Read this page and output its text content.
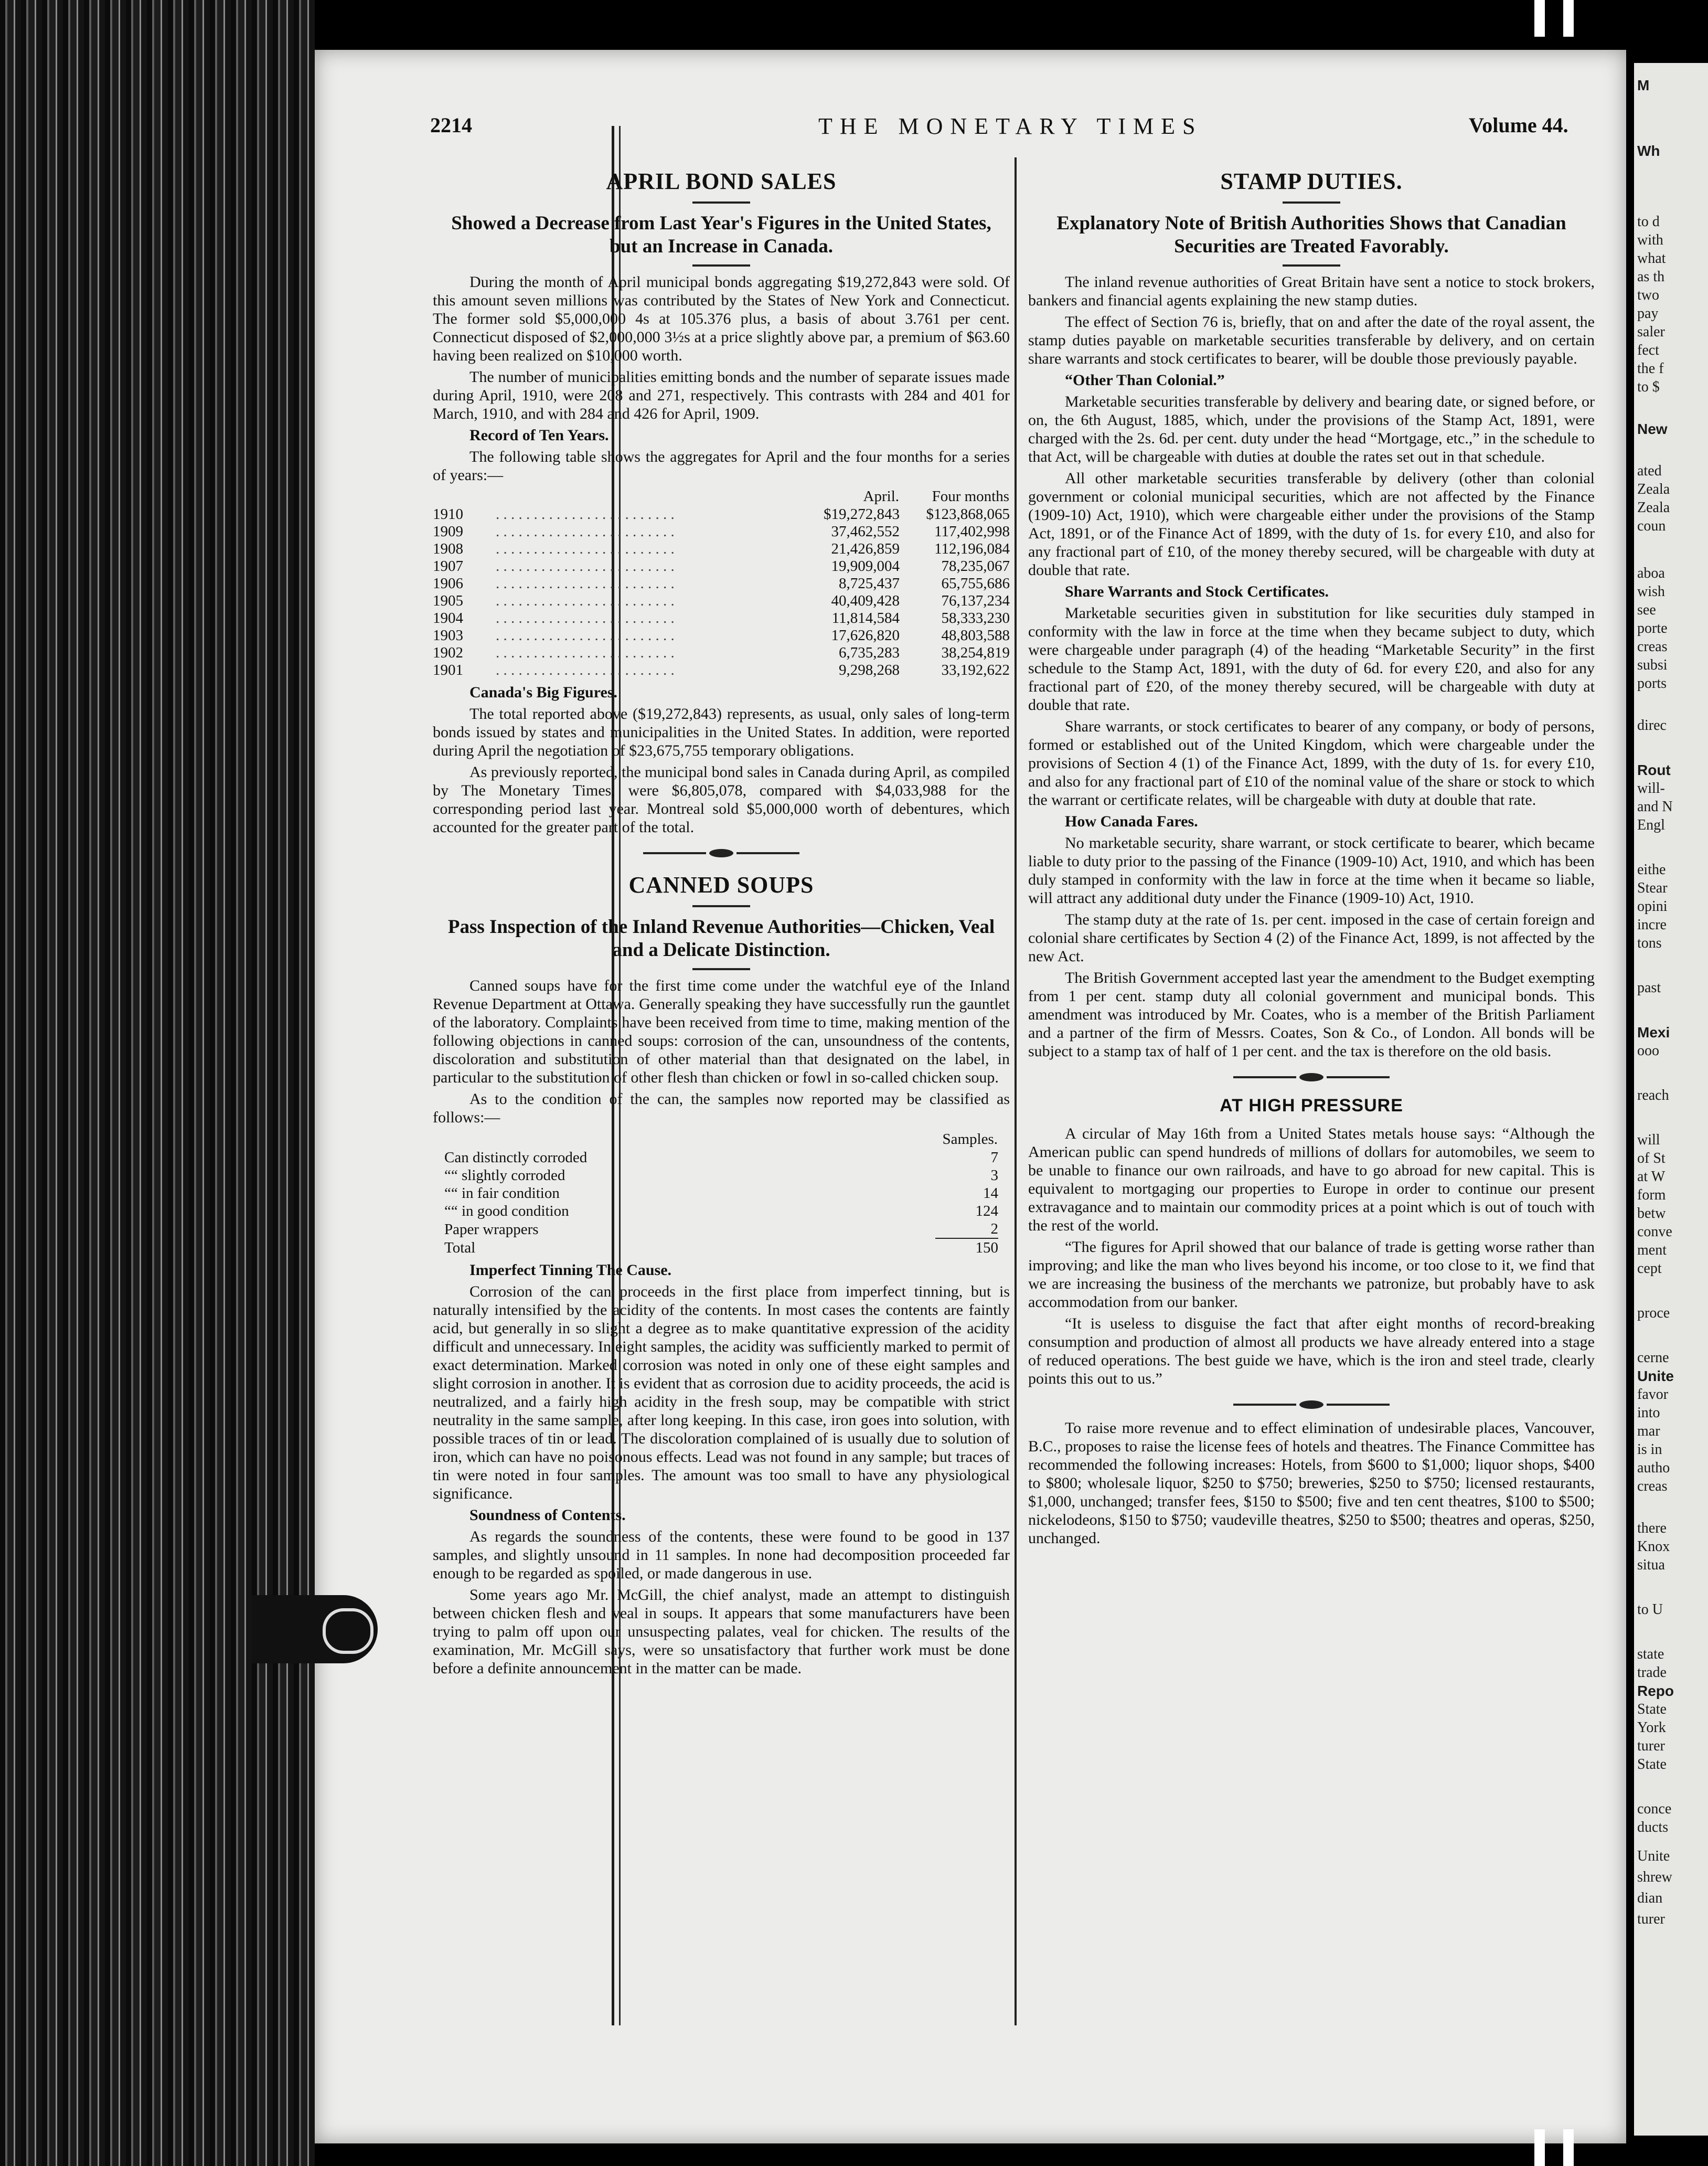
M
Wh
to d
with
what
as th
two
pay
saler
fect
the f
to $
New
ated
Zeala
Zeala
coun
aboa
wish
see
porte
creas
subsi
ports
direc
Rout
will-
and N
Engl
eithe
Stear
opini
incre
tons
past
Mexi
ooo
reach
will
of St
at W
form
betw
conve
ment
cept
proce
cerne
Unite
favor
into
mar
is in
autho
creas
there
Knox
situa
to U
state
trade
Repo
State
York
turer
State
conce
ducts
Unite
shrew
dian
turer
2214	THE MONETARY TIMES	Volume 44.
APRIL BOND SALES
Showed a Decrease from Last Year's Figures in the United States, but an Increase in Canada.

During the month of April municipal bonds aggregating $19,272,843 were sold. Of this amount seven millions was contributed by the States of New York and Connecticut. The former sold $5,000,000 4s at 105.376 plus, a basis of about 3.761 per cent. Connecticut disposed of $2,000,000 3½s at a price slightly above par, a premium of $63.60 having been realized on $10,000 worth.

The number of municipalities emitting bonds and the number of separate issues made during April, 1910, were 208 and 271, respectively. This contrasts with 284 and 401 for March, 1910, and with 284 and 426 for April, 1909.

Record of Ten Years.

The following table shows the aggregates for April and the four months for a series of years:—

		April.	Four months
1910	. . . . . . . . . . . . . . . . . . . . . . . .	$19,272,843	$123,868,065
1909	. . . . . . . . . . . . . . . . . . . . . . . .	37,462,552	117,402,998
1908	. . . . . . . . . . . . . . . . . . . . . . . .	21,426,859	112,196,084
1907	. . . . . . . . . . . . . . . . . . . . . . . .	19,909,004	78,235,067
1906	. . . . . . . . . . . . . . . . . . . . . . . .	8,725,437	65,755,686
1905	. . . . . . . . . . . . . . . . . . . . . . . .	40,409,428	76,137,234
1904	. . . . . . . . . . . . . . . . . . . . . . . .	11,814,584	58,333,230
1903	. . . . . . . . . . . . . . . . . . . . . . . .	17,626,820	48,803,588
1902	. . . . . . . . . . . . . . . . . . . . . . . .	6,735,283	38,254,819
1901	. . . . . . . . . . . . . . . . . . . . . . . .	9,298,268	33,192,622

Canada's Big Figures.

The total reported above ($19,272,843) represents, as usual, only sales of long-term bonds issued by states and municipalities in the United States. In addition, were reported during April the negotiation of $23,675,755 temporary obligations.

As previously reported, the municipal bond sales in Canada during April, as compiled by The Monetary Times, were $6,805,078, compared with $4,033,988 for the corresponding period last year. Montreal sold $5,000,000 worth of debentures, which accounted for the greater part of the total.

CANNED SOUPS
Pass Inspection of the Inland Revenue Authorities—Chicken, Veal and a Delicate Distinction.

Canned soups have for the first time come under the watchful eye of the Inland Revenue Department at Ottawa. Generally speaking they have successfully run the gauntlet of the laboratory. Complaints have been received from time to time, making mention of the following objections in canned soups: corrosion of the can, unsoundness of the contents, discoloration and substitution of other material than that designated on the label, in particular to the substitution of other flesh than chicken or fowl in so-called chicken soup.

As to the condition of the can, the samples now reported may be classified as follows:—

	Samples.
Can distinctly corroded	7
““ slightly corroded	3
““ in fair condition	14
““ in good condition	124
Paper wrappers	2
Total	150

Imperfect Tinning The Cause.

Corrosion of the can proceeds in the first place from imperfect tinning, but is naturally intensified by the acidity of the contents. In most cases the contents are faintly acid, but generally in so slight a degree as to make quantitative expression of the acidity difficult and unnecessary. In eight samples, the acidity was sufficiently marked to permit of exact determination. Marked corrosion was noted in only one of these eight samples and slight corrosion in another. It is evident that as corrosion due to acidity proceeds, the acid is neutralized, and a fairly high acidity in the fresh soup, may be compatible with strict neutrality in the same sample, after long keeping. In this case, iron goes into solution, with possible traces of tin or lead. The discoloration complained of is usually due to solution of iron, which can have no poisonous effects. Lead was not found in any sample; but traces of tin were noted in four samples. The amount was too small to have any physiological significance.

Soundness of Contents.

As regards the soundness of the contents, these were found to be good in 137 samples, and slightly unsound in 11 samples. In none had decomposition proceeded far enough to be regarded as spoiled, or made dangerous in use.

Some years ago Mr. McGill, the chief analyst, made an attempt to distinguish between chicken flesh and veal in soups. It appears that some manufacturers have been trying to palm off upon our unsuspecting palates, veal for chicken. The results of the examination, Mr. McGill says, were so unsatisfactory that further work must be done before a definite announcement in the matter can be made.

STAMP DUTIES.
Explanatory Note of British Authorities Shows that Canadian Securities are Treated Favorably.

The inland revenue authorities of Great Britain have sent a notice to stock brokers, bankers and financial agents explaining the new stamp duties.

The effect of Section 76 is, briefly, that on and after the date of the royal assent, the stamp duties payable on marketable securities transferable by delivery, and on certain share warrants and stock certificates to bearer, will be double those previously payable.

“Other Than Colonial.”

Marketable securities transferable by delivery and bearing date, or signed before, or on, the 6th August, 1885, which, under the provisions of the Stamp Act, 1891, were charged with the 2s. 6d. per cent. duty under the head “Mortgage, etc.,” in the schedule to that Act, will be chargeable with duties at double the rates set out in that schedule.

All other marketable securities transferable by delivery (other than colonial government or colonial municipal securities, which are not affected by the Finance (1909-10) Act, 1910), which were chargeable either under the provisions of the Stamp Act, 1891, or of the Finance Act of 1899, with the duty of 1s. for every £10, and also for any fractional part of £10, of the money thereby secured, will be chargeable with duty at double that rate.

Share Warrants and Stock Certificates.

Marketable securities given in substitution for like securities duly stamped in conformity with the law in force at the time when they became subject to duty, which were chargeable under paragraph (4) of the heading “Marketable Security” in the first schedule to the Stamp Act, 1891, with the duty of 6d. for every £20, and also for any fractional part of £20, of the money thereby secured, will be chargeable with duty at double that rate.

Share warrants, or stock certificates to bearer of any company, or body of persons, formed or established out of the United Kingdom, which were chargeable under the provisions of Section 4 (1) of the Finance Act, 1899, with the duty of 1s. for every £10, and also for any fractional part of £10 of the nominal value of the share or stock to which the warrant or certificate relates, will be chargeable with duty at double that rate.

How Canada Fares.

No marketable security, share warrant, or stock certificate to bearer, which became liable to duty prior to the passing of the Finance (1909-10) Act, 1910, and which has been duly stamped in conformity with the law in force at the time when it became so liable, will attract any additional duty under the Finance (1909-10) Act, 1910.

The stamp duty at the rate of 1s. per cent. imposed in the case of certain foreign and colonial share certificates by Section 4 (2) of the Finance Act, 1899, is not affected by the new Act.

The British Government accepted last year the amendment to the Budget exempting from 1 per cent. stamp duty all colonial government and municipal bonds. This amendment was introduced by Mr. Coates, who is a member of the British Parliament and a partner of the firm of Messrs. Coates, Son & Co., of London. All bonds will be subject to a stamp tax of half of 1 per cent. and the tax is therefore on the old basis.

AT HIGH PRESSURE

A circular of May 16th from a United States metals house says: “Although the American public can spend hundreds of millions of dollars for automobiles, we seem to be unable to finance our own railroads, and have to go abroad for new capital. This is equivalent to mortgaging our properties to Europe in order to continue our present extravagance and to maintain our commodity prices at a point which is out of touch with the rest of the world.

“The figures for April showed that our balance of trade is getting worse rather than improving; and like the man who lives beyond his income, or too close to it, we find that we are increasing the business of the merchants we patronize, but probably have to ask accommodation from our banker.

“It is useless to disguise the fact that after eight months of record-breaking consumption and production of almost all products we have already entered into a stage of reduced operations. The best guide we have, which is the iron and steel trade, clearly points this out to us.”

To raise more revenue and to effect elimination of undesirable places, Vancouver, B.C., proposes to raise the license fees of hotels and theatres. The Finance Committee has recommended the following increases: Hotels, from $600 to $1,000; liquor shops, $400 to $800; wholesale liquor, $250 to $750; breweries, $250 to $750; licensed restaurants, $1,000, unchanged; transfer fees, $150 to $500; five and ten cent theatres, $100 to $500; nickelodeons, $150 to $750; vaudeville theatres, $250 to $500; theatres and operas, $250, unchanged.
